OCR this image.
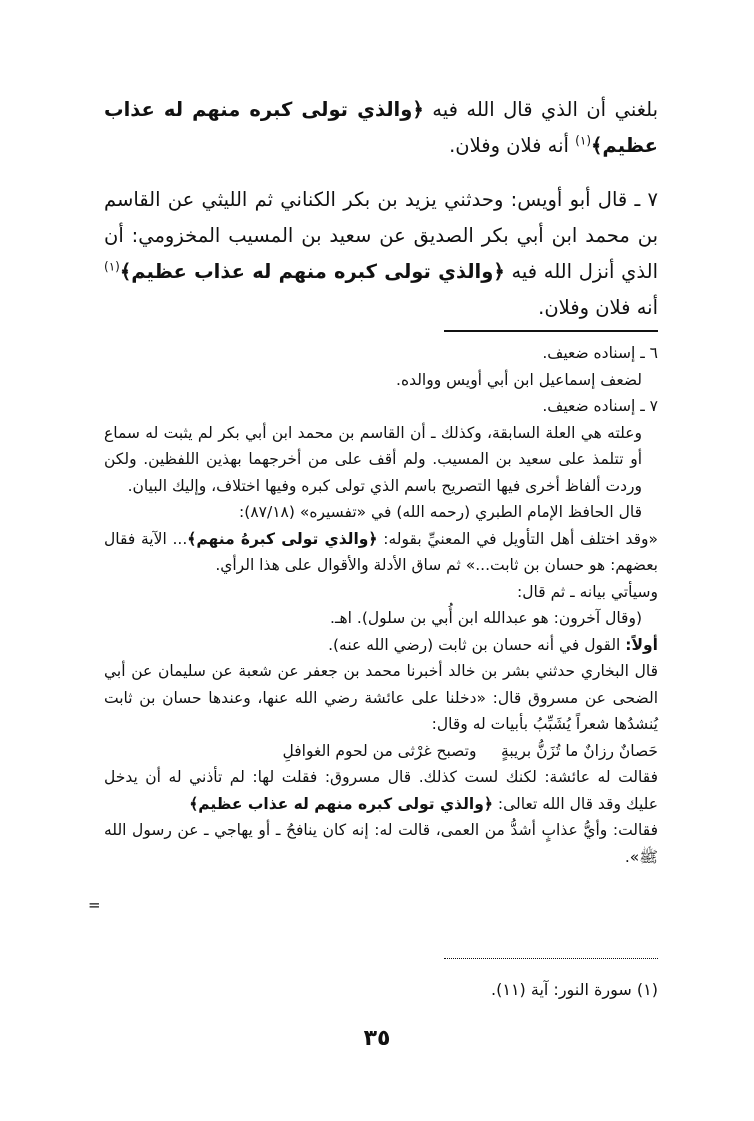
بلغني أن الذي قال الله فيه ﴿والذي تولى كبره منهم له عذاب عظيم﴾$^{(١)}$ أنه فلان وفلان.

٧ ـ قال أبو أويس: وحدثني يزيد بن بكر الكناني ثم الليثي عن القاسم بن محمد ابن أبي بكر الصديق عن سعيد بن المسيب المخزومي: أن الذي أنزل الله فيه ﴿والذي تولى كبره منهم له عذاب عظيم﴾$^{(١)}$ أنه فلان وفلان.

٦ ـ إسناده ضعيف.

لضعف إسماعيل ابن أبي أويس ووالده.

٧ ـ إسناده ضعيف.

وعلته هي العلة السابقة، وكذلك ـ أن القاسم بن محمد ابن أبي بكر لم يثبت له سماع أو تتلمذ على سعيد بن المسيب. ولم أقف على من أخرجهما بهذين اللفظين. ولكن وردت ألفاظ أخرى فيها التصريح باسم الذي تولى كبره وفيها اختلاف، وإليك البيان.

قال الحافظ الإمام الطبري (رحمه الله) في «تفسيره» (٨٧/١٨):

«وقد اختلف أهل التأويل في المعنيِّ بقوله: ﴿والذي تولى كبرهُ منهم﴾... الآية فقال بعضهم: هو حسان بن ثابت...» ثم ساق الأدلة والأقوال على هذا الرأي.

وسيأتي بيانه ـ ثم قال:

(وقال آخرون: هو عبدالله ابن أُبي بن سلول). اهـ.

أولاً: القول في أنه حسان بن ثابت (رضي الله عنه).

قال البخاري حدثني بشر بن خالد أخبرنا محمد بن جعفر عن شعبة عن سليمان عن أبي الضحى عن مسروق قال: «دخلنا على عائشة رضي الله عنها، وعندها حسان بن ثابت يُنشدُها شعراً يُشَبِّبُ بأبيات له وقال:

حَصانٌ رزانٌ ما تُزَنُّ بريبةٍ     وتصبح غرْثى من لحوم الغوافلِ

فقالت له عائشة: لكنك لست كذلك. قال مسروق: فقلت لها: لم تأذني له أن يدخل عليك وقد قال الله تعالى: ﴿والذي تولى كبره منهم له عذاب عظيم﴾

فقالت: وأيُّ عذابٍ أشدُّ من العمى، قالت له: إنه كان ينافحُ ـ أو يهاجي ـ عن رسول الله ﷺ».

=
(١) سورة النور: آية (١١).
٣٥
